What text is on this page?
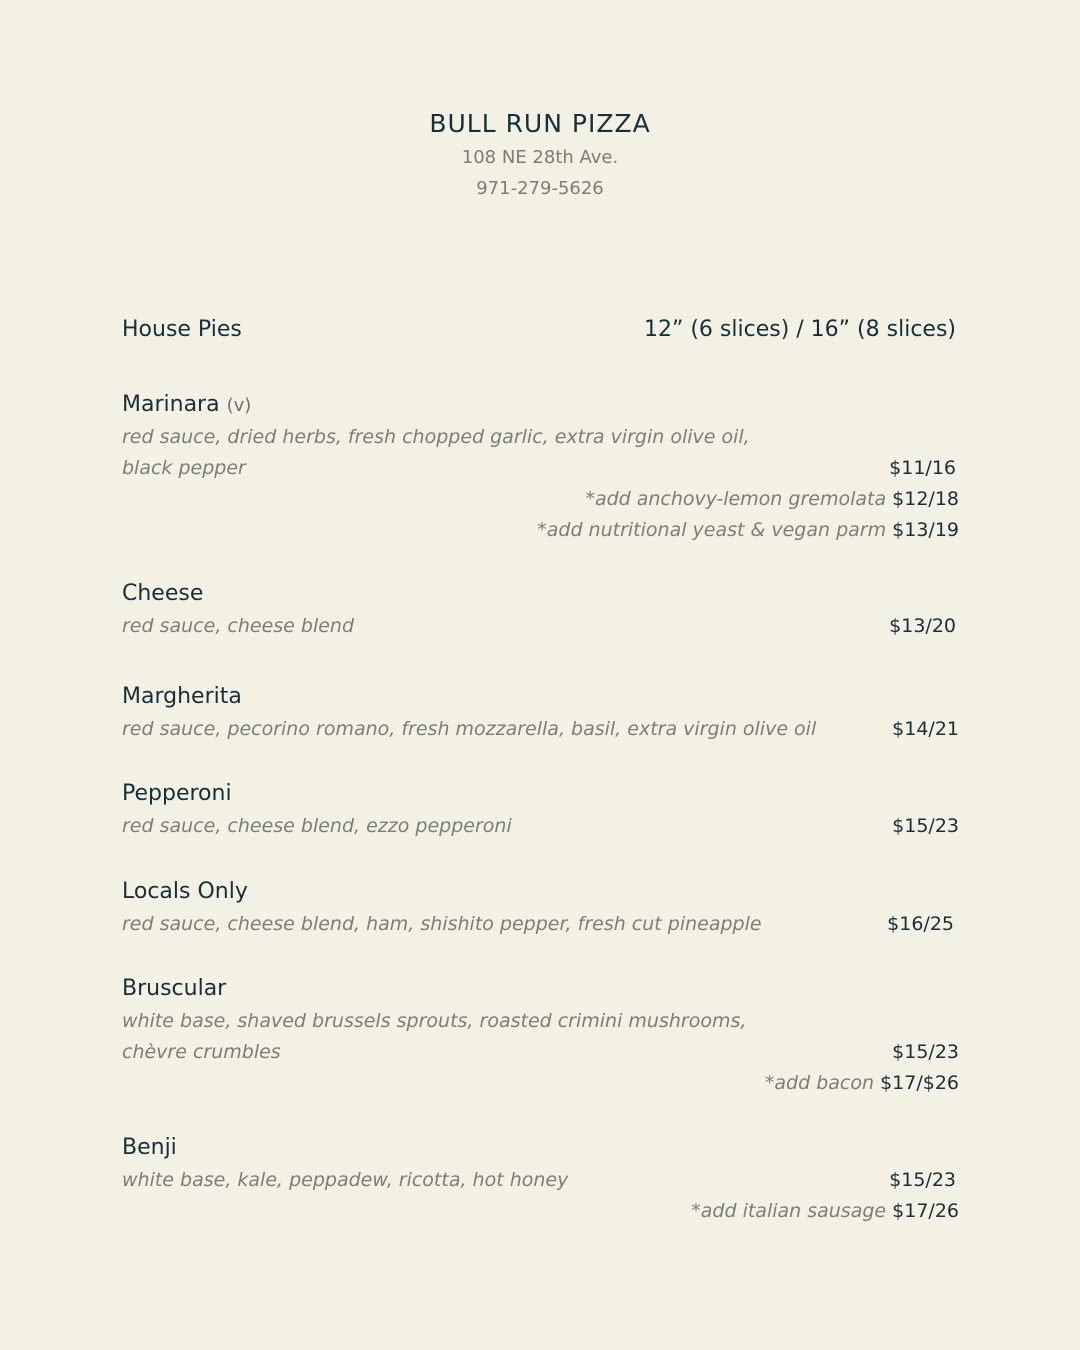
BULL RUN PIZZA
108 NE 28th Ave.
971-279-5626
House Pies	12” (6 slices) / 16” (8 slices)
Marinara (v)
red sauce, dried herbs, fresh chopped garlic, extra virgin olive oil,
black pepper	$11/16
*add anchovy-lemon gremolata $12/18
*add nutritional yeast & vegan parm $13/19
Cheese
red sauce, cheese blend	$13/20
Margherita
red sauce, pecorino romano, fresh mozzarella, basil, extra virgin olive oil	$14/21
Pepperoni
red sauce, cheese blend, ezzo pepperoni	$15/23
Locals Only
red sauce, cheese blend, ham, shishito pepper, fresh cut pineapple	$16/25
Bruscular
white base, shaved brussels sprouts, roasted crimini mushrooms,
chèvre crumbles	$15/23
*add bacon $17/$26
Benji
white base, kale, peppadew, ricotta, hot honey	$15/23
*add italian sausage $17/26
